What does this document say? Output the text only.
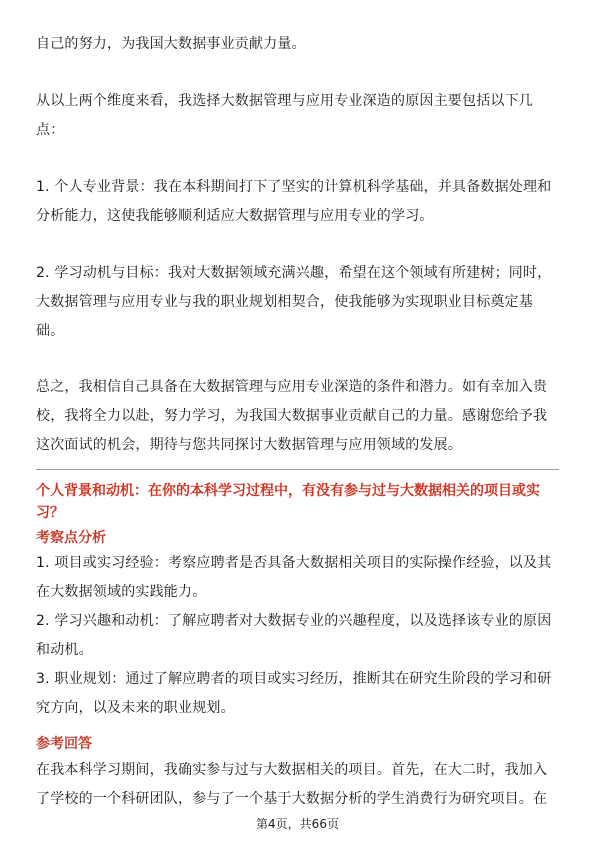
自己的努力，为我国大数据事业贡献力量。

从以上两个维度来看，我选择大数据管理与应用专业深造的原因主要包括以下几
点：

1. 个人专业背景：我在本科期间打下了坚实的计算机科学基础，并具备数据处理和
分析能力，这使我能够顺利适应大数据管理与应用专业的学习。

2. 学习动机与目标：我对大数据领域充满兴趣，希望在这个领域有所建树；同时，
大数据管理与应用专业与我的职业规划相契合，使我能够为实现职业目标奠定基
础。

总之，我相信自己具备在大数据管理与应用专业深造的条件和潜力。如有幸加入贵
校，我将全力以赴，努力学习，为我国大数据事业贡献自己的力量。感谢您给予我
这次面试的机会，期待与您共同探讨大数据管理与应用领域的发展。

个人背景和动机：在你的本科学习过程中，有没有参与过与大数据相关的项目或实
习？

考察点分析

1. 项目或实习经验：考察应聘者是否具备大数据相关项目的实际操作经验，以及其
在大数据领域的实践能力。
2. 学习兴趣和动机：了解应聘者对大数据专业的兴趣程度，以及选择该专业的原因
和动机。
3. 职业规划：通过了解应聘者的项目或实习经历，推断其在研究生阶段的学习和研
究方向，以及未来的职业规划。

参考回答

在我本科学习期间，我确实参与过与大数据相关的项目。首先，在大二时，我加入
了学校的一个科研团队，参与了一个基于大数据分析的学生消费行为研究项目。在

第4页，共66页
